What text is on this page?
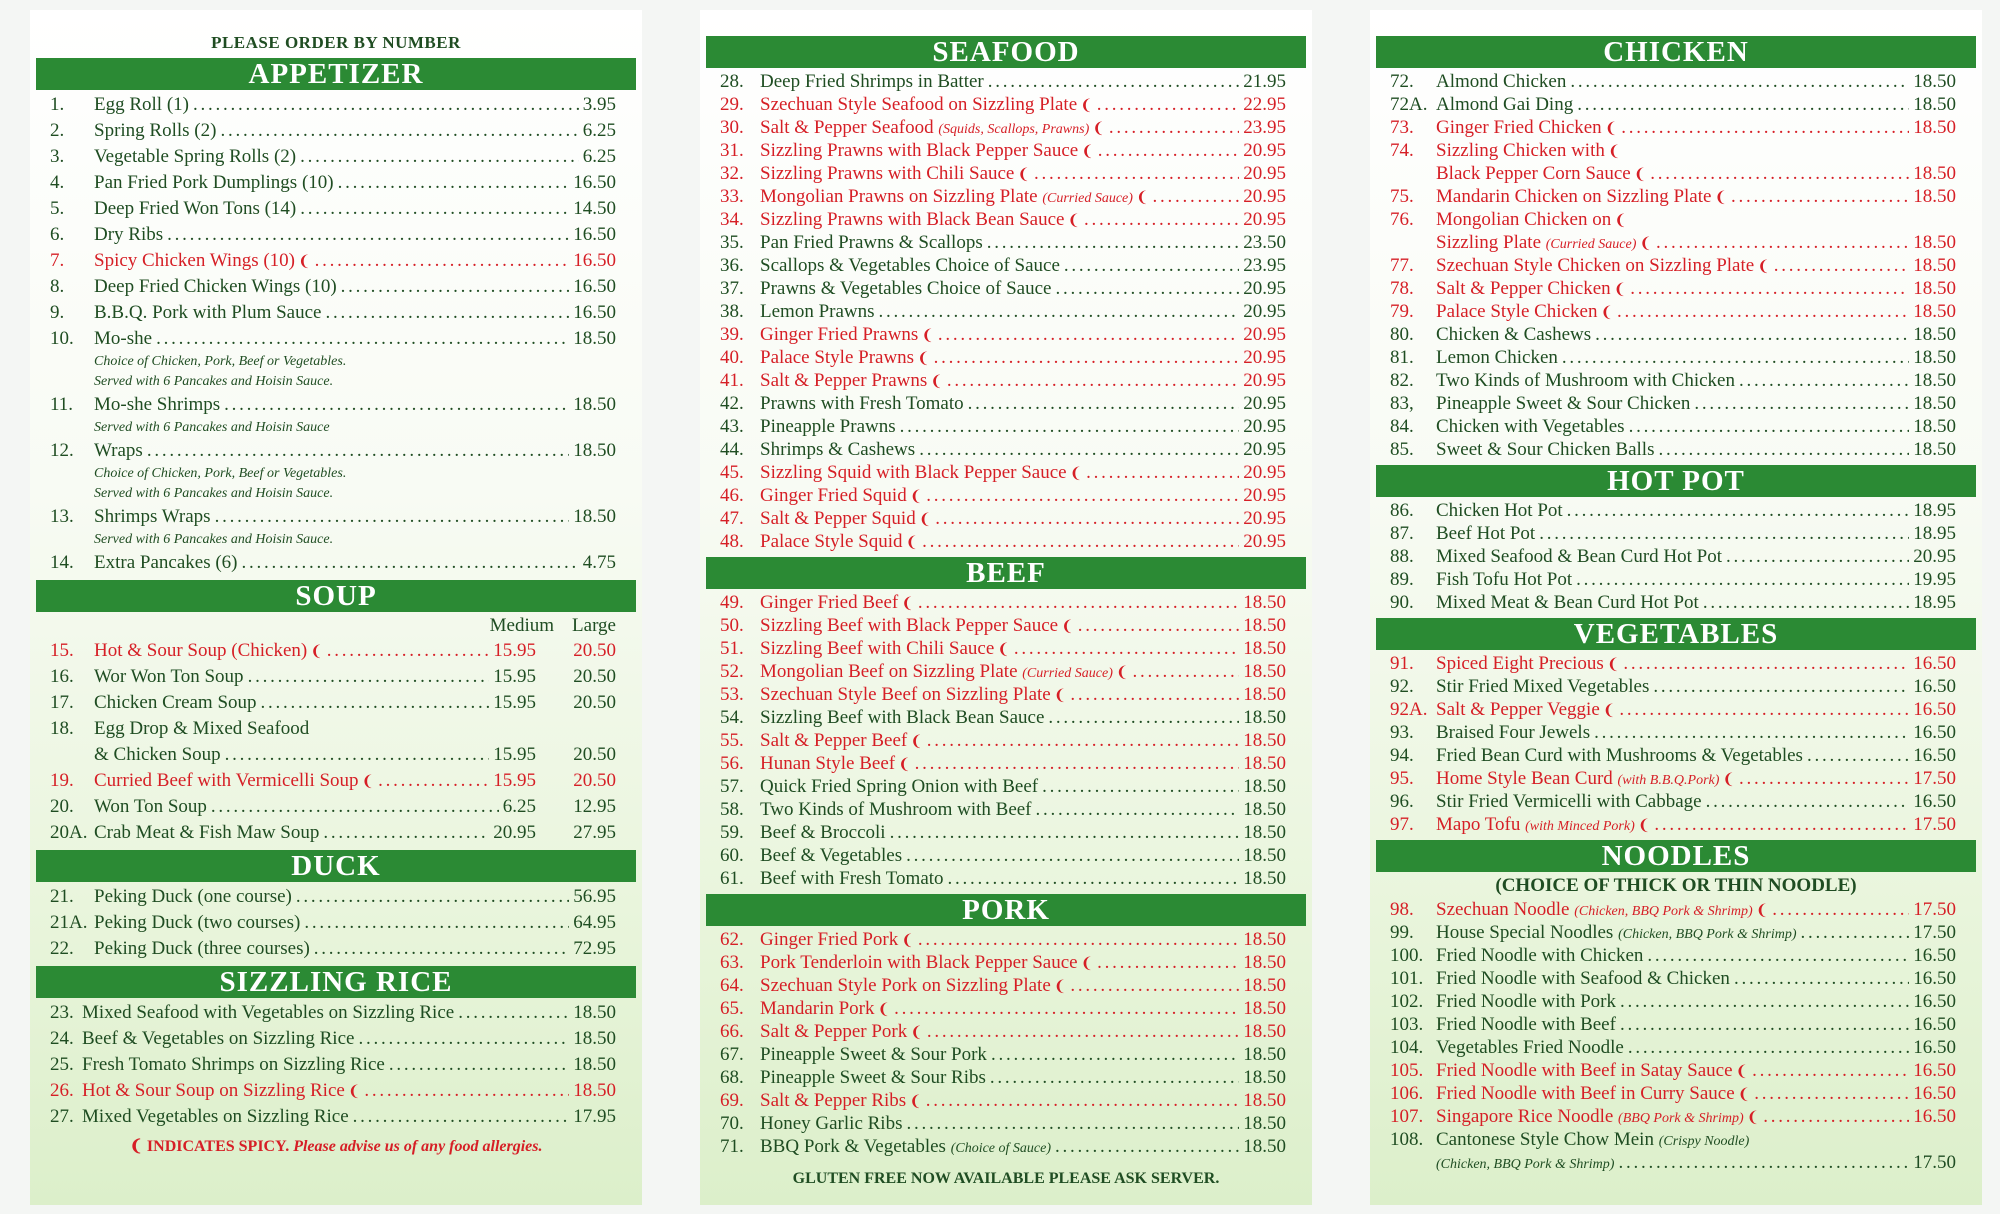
PLEASE ORDER BY NUMBER
APPETIZER
1.	Egg Roll (1) . . .	3.95
2.	Spring Rolls (2) . . .	6.25
3.	Vegetable Spring Rolls (2) . . .	6.25
4.	Pan Fried Pork Dumplings (10) . . .	16.50
5.	Deep Fried Won Tons (14) . . .	14.50
6.	Dry Ribs . . .	16.50
7.	Spicy Chicken Wings (10) ❨ . . .	16.50
8.	Deep Fried Chicken Wings (10) . . .	16.50
9.	B.B.Q. Pork with Plum Sauce . . .	16.50
10.	Mo-she . . .	18.50
Choice of Chicken, Pork, Beef or Vegetables.
Served with 6 Pancakes and Hoisin Sauce.
11.	Mo-she Shrimps . . .	18.50
Served with 6 Pancakes and Hoisin Sauce
12.	Wraps . . .	18.50
Choice of Chicken, Pork, Beef or Vegetables.
Served with 6 Pancakes and Hoisin Sauce.
13.	Shrimps Wraps . . .	18.50
Served with 6 Pancakes and Hoisin Sauce.
14.	Extra Pancakes (6) . . .	4.75
SOUP
Medium Large
15.	Hot & Sour Soup (Chicken) ❨ . . .	15.95	20.50
16.	Wor Won Ton Soup . . .	15.95	20.50
17.	Chicken Cream Soup . . .	15.95	20.50
18.	Egg Drop & Mixed Seafood
& Chicken Soup . . .	15.95	20.50
19.	Curried Beef with Vermicelli Soup ❨ . . .	15.95	20.50
20.	Won Ton Soup . . .	6.25	12.95
20A. Crab Meat & Fish Maw Soup . . .	20.95	27.95
DUCK
21.	Peking Duck (one course) . . .	56.95
21A. Peking Duck (two courses) . . .	64.95
22.	Peking Duck (three courses) . . .	72.95
SIZZLING RICE
23. Mixed Seafood with Vegetables on Sizzling Rice . . .	18.50
24. Beef & Vegetables on Sizzling Rice . . .	18.50
25. Fresh Tomato Shrimps on Sizzling Rice . . .	18.50
26. Hot & Sour Soup on Sizzling Rice ❨ . . .	18.50
27. Mixed Vegetables on Sizzling Rice . . .	17.95
❨ INDICATES SPICY. Please advise us of any food allergies.
SEAFOOD
28. Deep Fried Shrimps in Batter . . .	21.95
29. Szechuan Style Seafood on Sizzling Plate ❨ . . .	22.95
30. Salt & Pepper Seafood (Squids, Scallops, Prawns) ❨ . . .	23.95
31. Sizzling Prawns with Black Pepper Sauce ❨ . . .	20.95
32. Sizzling Prawns with Chili Sauce ❨ . . .	20.95
33. Mongolian Prawns on Sizzling Plate (Curried Sauce) ❨ . . .	20.95
34. Sizzling Prawns with Black Bean Sauce ❨ . . .	20.95
35. Pan Fried Prawns & Scallops . . .	23.50
36. Scallops & Vegetables Choice of Sauce . . .	23.95
37. Prawns & Vegetables Choice of Sauce . . .	20.95
38. Lemon Prawns . . .	20.95
39. Ginger Fried Prawns ❨ . . .	20.95
40. Palace Style Prawns ❨ . . .	20.95
41. Salt & Pepper Prawns ❨ . . .	20.95
42. Prawns with Fresh Tomato . . .	20.95
43. Pineapple Prawns . . .	20.95
44. Shrimps & Cashews . . .	20.95
45. Sizzling Squid with Black Pepper Sauce ❨ . . .	20.95
46. Ginger Fried Squid ❨ . . .	20.95
47. Salt & Pepper Squid ❨ . . .	20.95
48. Palace Style Squid ❨ . . .	20.95
BEEF
49. Ginger Fried Beef ❨ . . .	18.50
50. Sizzling Beef with Black Pepper Sauce ❨ . . .	18.50
51. Sizzling Beef with Chili Sauce ❨ . . .	18.50
52. Mongolian Beef on Sizzling Plate (Curried Sauce) ❨ . . .	18.50
53. Szechuan Style Beef on Sizzling Plate ❨ . . .	18.50
54. Sizzling Beef with Black Bean Sauce . . .	18.50
55. Salt & Pepper Beef ❨ . . .	18.50
56. Hunan Style Beef ❨ . . .	18.50
57. Quick Fried Spring Onion with Beef . . .	18.50
58. Two Kinds of Mushroom with Beef . . .	18.50
59. Beef & Broccoli . . .	18.50
60. Beef & Vegetables . . .	18.50
61. Beef with Fresh Tomato . . .	18.50
PORK
62. Ginger Fried Pork ❨ . . .	18.50
63. Pork Tenderloin with Black Pepper Sauce ❨ . . .	18.50
64. Szechuan Style Pork on Sizzling Plate ❨ . . .	18.50
65. Mandarin Pork ❨ . . .	18.50
66. Salt & Pepper Pork ❨ . . .	18.50
67. Pineapple Sweet & Sour Pork . . .	18.50
68. Pineapple Sweet & Sour Ribs . . .	18.50
69. Salt & Pepper Ribs ❨ . . .	18.50
70. Honey Garlic Ribs . . .	18.50
71. BBQ Pork & Vegetables (Choice of Sauce) . . .	18.50
GLUTEN FREE NOW AVAILABLE PLEASE ASK SERVER.
CHICKEN
72.	Almond Chicken . . .	18.50
72A. Almond Gai Ding . . .	18.50
73.	Ginger Fried Chicken ❨ . . .	18.50
74.	Sizzling Chicken with ❨
Black Pepper Corn Sauce ❨ . . .	18.50
75.	Mandarin Chicken on Sizzling Plate ❨ . . .	18.50
76.	Mongolian Chicken on ❨
Sizzling Plate (Curried Sauce) ❨ . . .	18.50
77.	Szechuan Style Chicken on Sizzling Plate ❨ . . .	18.50
78.	Salt & Pepper Chicken ❨ . . .	18.50
79.	Palace Style Chicken ❨ . . .	18.50
80.	Chicken & Cashews . . .	18.50
81.	Lemon Chicken . . .	18.50
82.	Two Kinds of Mushroom with Chicken . . .	18.50
83,	Pineapple Sweet & Sour Chicken . . .	18.50
84.	Chicken with Vegetables . . .	18.50
85.	Sweet & Sour Chicken Balls . . .	18.50
HOT POT
86.	Chicken Hot Pot . . .	18.95
87.	Beef Hot Pot . . .	18.95
88.	Mixed Seafood & Bean Curd Hot Pot . . .	20.95
89.	Fish Tofu Hot Pot . . .	19.95
90.	Mixed Meat & Bean Curd Hot Pot . . .	18.95
VEGETABLES
91.	Spiced Eight Precious ❨ . . .	16.50
92.	Stir Fried Mixed Vegetables . . .	16.50
92A. Salt & Pepper Veggie ❨ . . .	16.50
93.	Braised Four Jewels . . .	16.50
94.	Fried Bean Curd with Mushrooms & Vegetables . . .	16.50
95.	Home Style Bean Curd (with B.B.Q.Pork) ❨ . . .	17.50
96.	Stir Fried Vermicelli with Cabbage . . .	16.50
97.	Mapo Tofu (with Minced Pork) ❨ . . .	17.50
NOODLES
(CHOICE OF THICK OR THIN NOODLE)
98.	Szechuan Noodle (Chicken, BBQ Pork & Shrimp) ❨ . . .	17.50
99.	House Special Noodles (Chicken, BBQ Pork & Shrimp) . . .	17.50
100. Fried Noodle with Chicken . . .	16.50
101. Fried Noodle with Seafood & Chicken . . .	16.50
102. Fried Noodle with Pork . . .	16.50
103. Fried Noodle with Beef . . .	16.50
104. Vegetables Fried Noodle . . .	16.50
105. Fried Noodle with Beef in Satay Sauce ❨ . . .	16.50
106. Fried Noodle with Beef in Curry Sauce ❨ . . .	16.50
107. Singapore Rice Noodle (BBQ Pork & Shrimp) ❨ . . .	16.50
108. Cantonese Style Chow Mein (Crispy Noodle)
(Chicken, BBQ Pork & Shrimp) . . .	17.50
